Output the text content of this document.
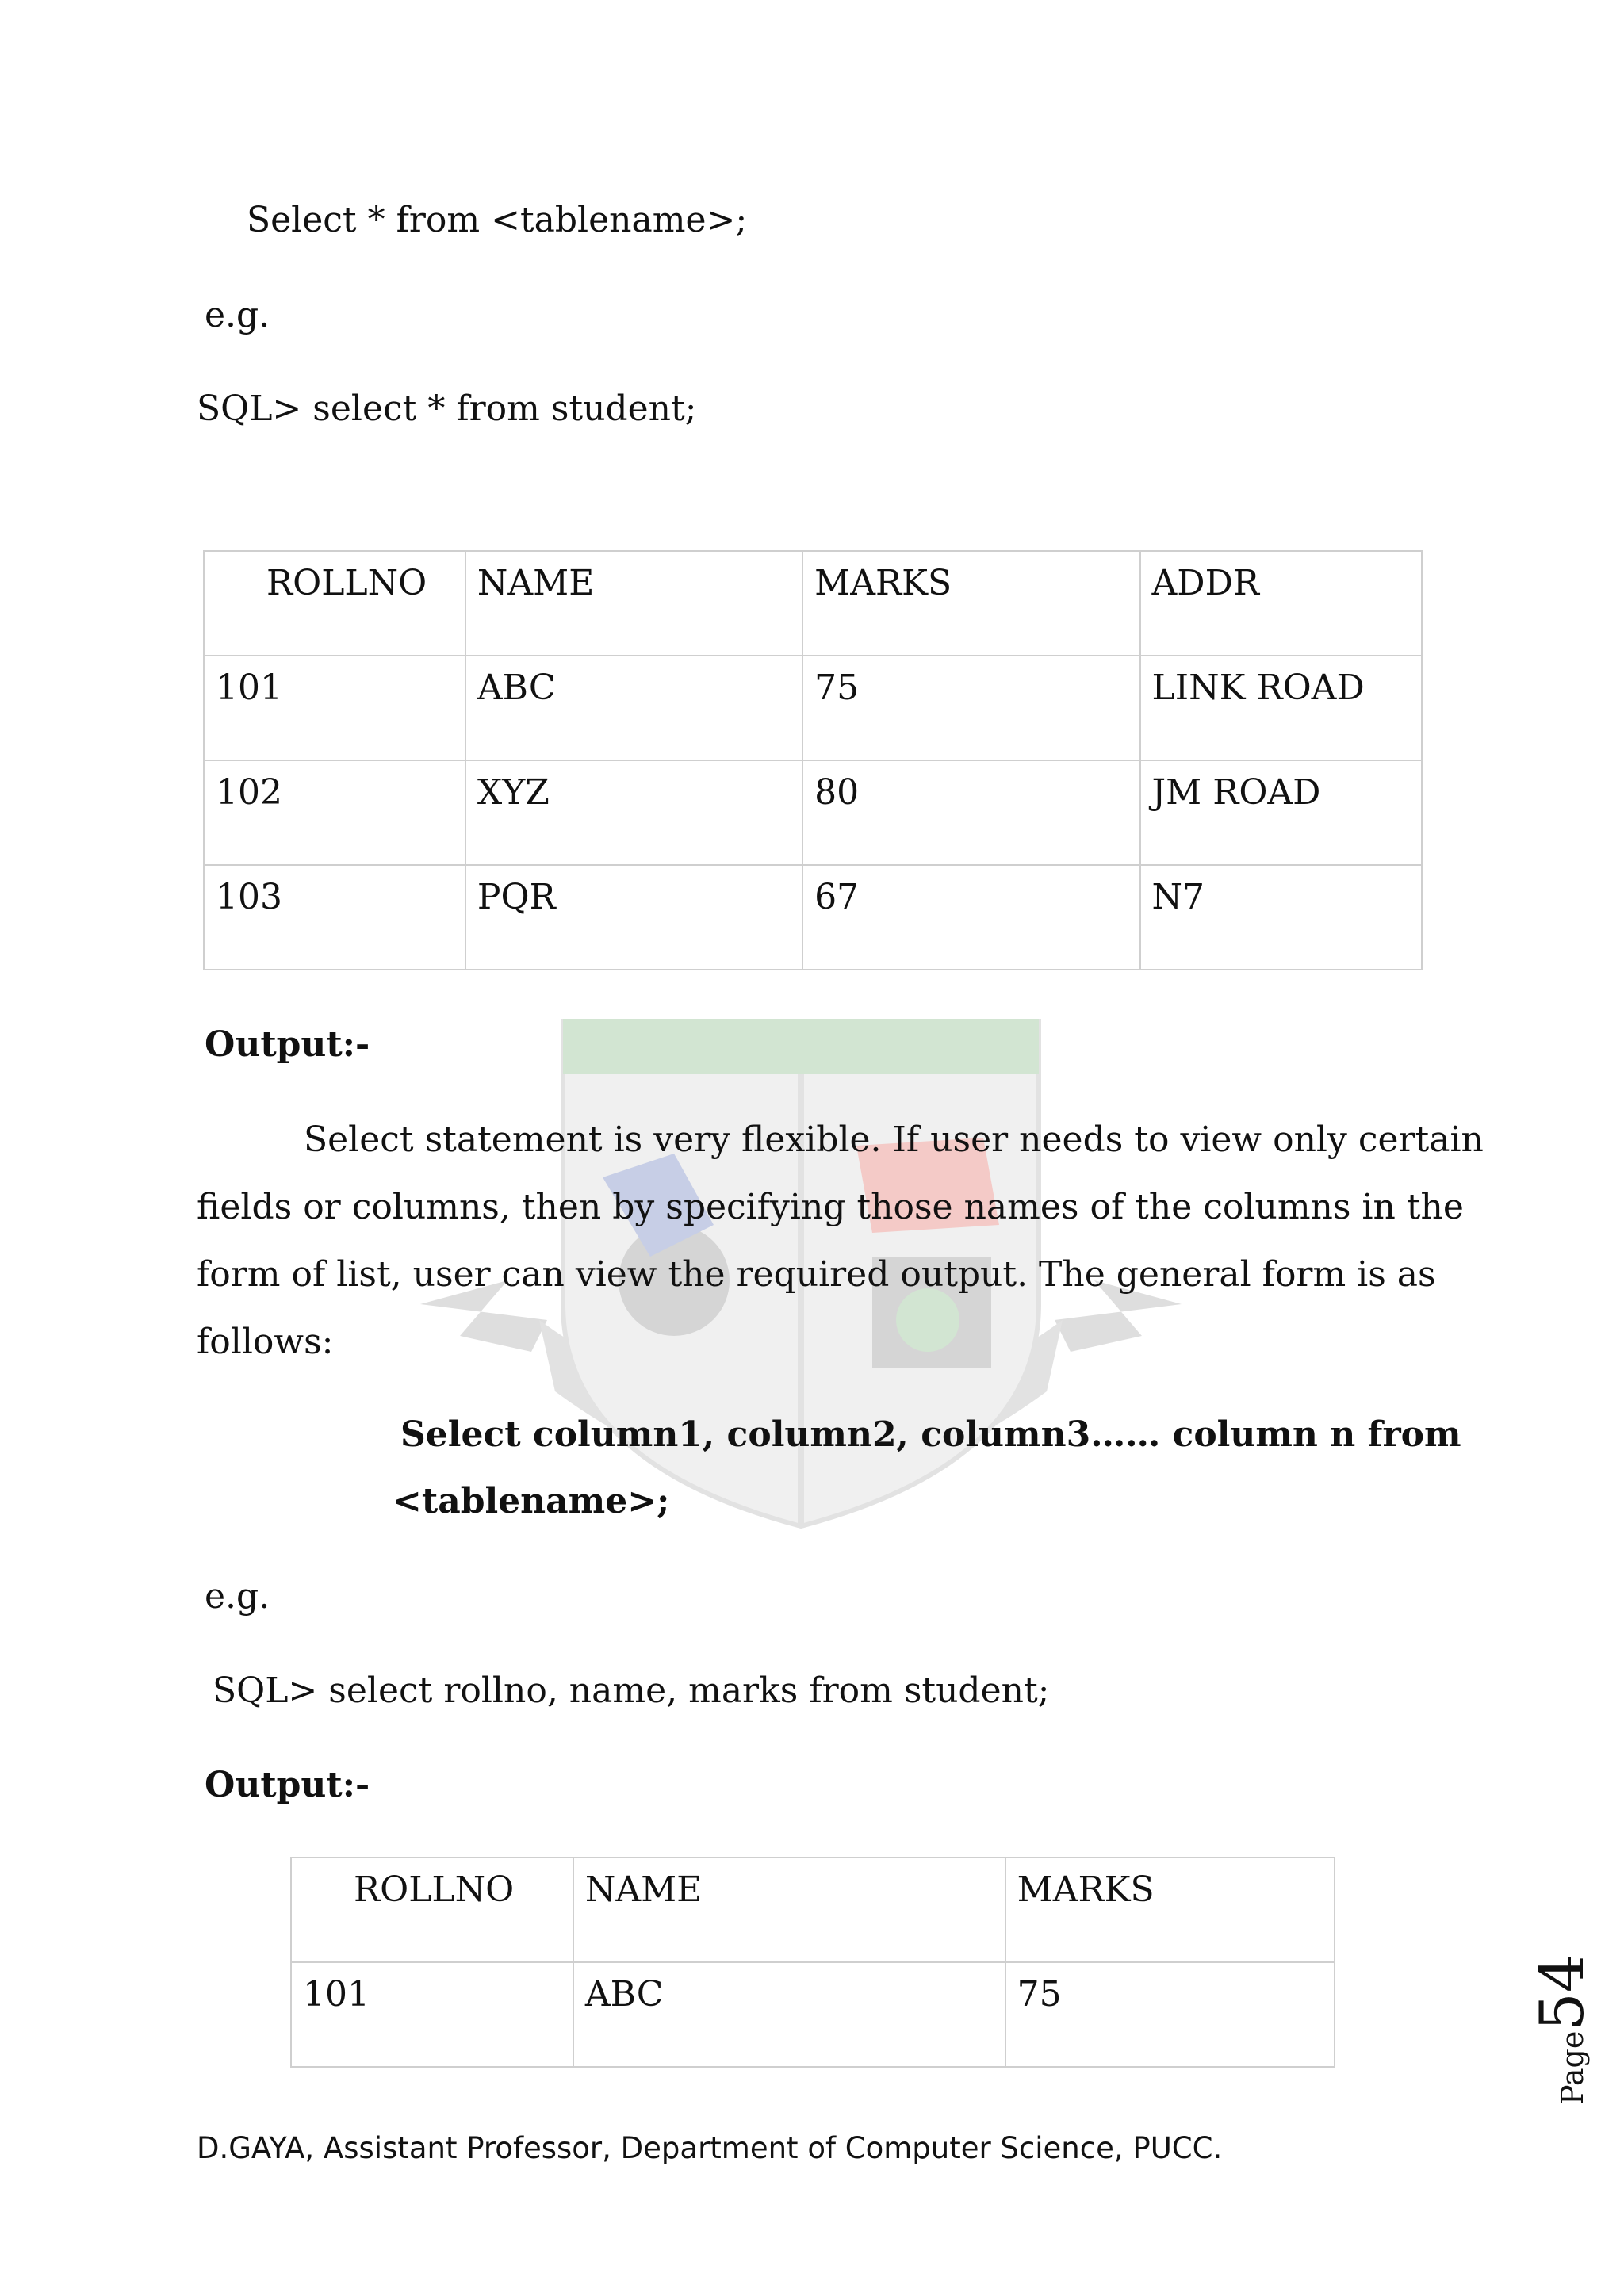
Select * from <tablename>;
e.g.
SQL> select * from student;
ROLLNO	NAME	MARKS	ADDR
101	ABC	75	LINK ROAD
102	XYZ	80	JM ROAD
103	PQR	67	N7
Output:-
Select statement is very flexible. If user needs to view only certain
fields or columns, then by specifying those names of the columns in the
form of list, user can view the required output. The general form is as
follows:
Select column1, column2, column3…… column n from
<tablename>;
e.g.
SQL> select rollno, name, marks from student;
Output:-
ROLLNO	NAME	MARKS
101	ABC	75
Page54
D.GAYA, Assistant Professor, Department of Computer Science, PUCC.
